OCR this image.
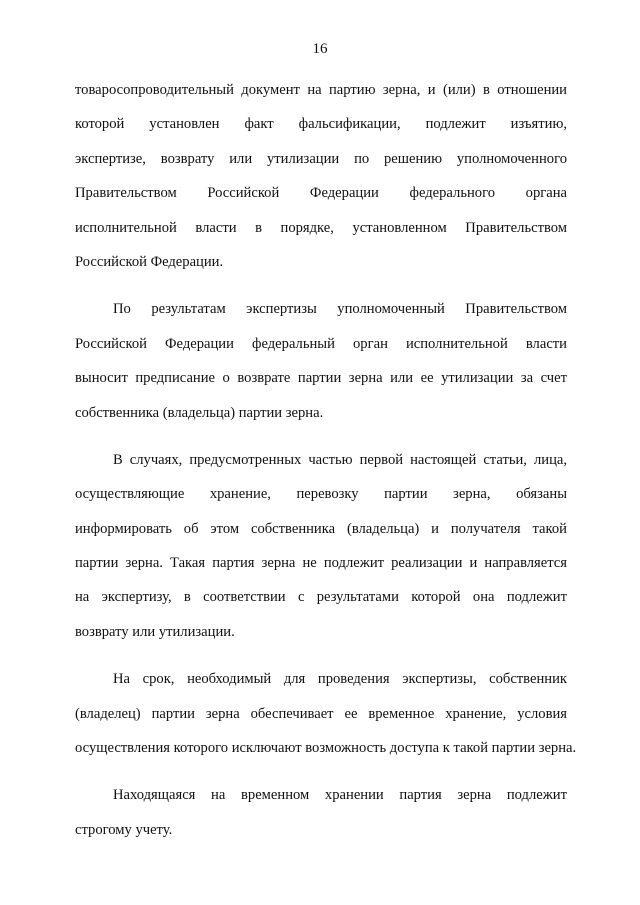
16

товаросопроводительный документ на партию зерна, и (или) в отношении
которой установлен факт фальсификации, подлежит изъятию,
экспертизе, возврату или утилизации по решению уполномоченного
Правительством Российской Федерации федерального органа
исполнительной власти в порядке, установленном Правительством
Российской Федерации.

По результатам экспертизы уполномоченный Правительством
Российской Федерации федеральный орган исполнительной власти
выносит предписание о возврате партии зерна или ее утилизации за счет
собственника (владельца) партии зерна.

В случаях, предусмотренных частью первой настоящей статьи, лица,
осуществляющие хранение, перевозку партии зерна, обязаны
информировать об этом собственника (владельца) и получателя такой
партии зерна. Такая партия зерна не подлежит реализации и направляется
на экспертизу, в соответствии с результатами которой она подлежит
возврату или утилизации.

На срок, необходимый для проведения экспертизы, собственник
(владелец) партии зерна обеспечивает ее временное хранение, условия
осуществления которого исключают возможность доступа к такой партии зерна.

Находящаяся на временном хранении партия зерна подлежит
строгому учету.
